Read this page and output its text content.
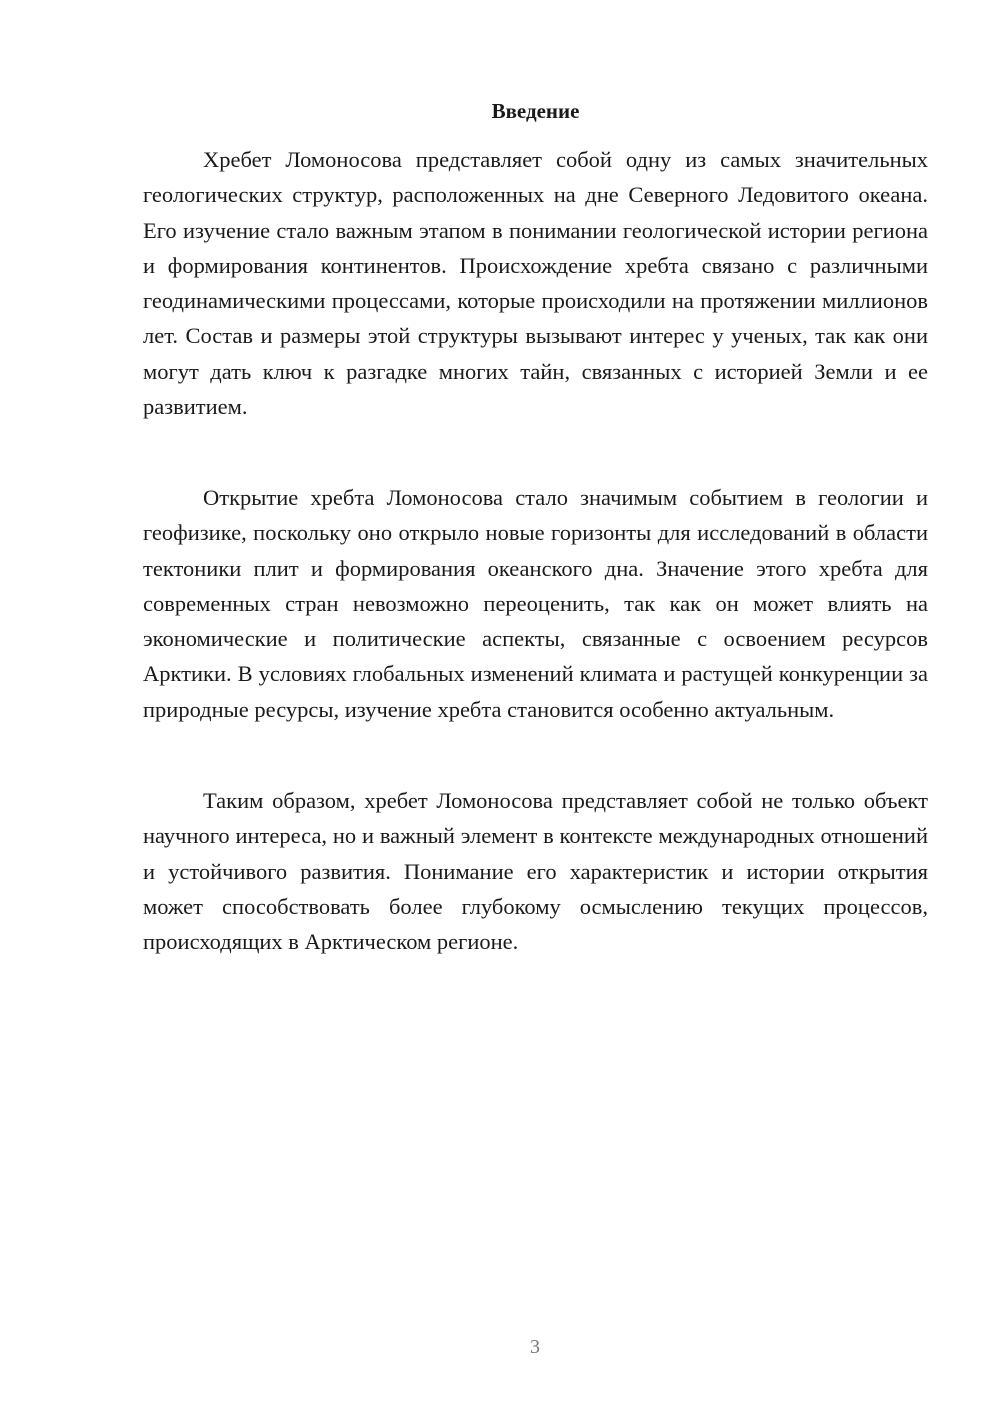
Введение

Хребет Ломоносова представляет собой одну из самых значительных геологических структур, расположенных на дне Северного Ледовитого океана. Его изучение стало важным этапом в понимании геологической истории региона и формирования континентов. Происхождение хребта связано с различными геодинамическими процессами, которые происходили на протяжении миллионов лет. Состав и размеры этой структуры вызывают интерес у ученых, так как они могут дать ключ к разгадке многих тайн, связанных с историей Земли и ее развитием.

Открытие хребта Ломоносова стало значимым событием в геологии и геофизике, поскольку оно открыло новые горизонты для исследований в области тектоники плит и формирования океанского дна. Значение этого хребта для современных стран невозможно переоценить, так как он может влиять на экономические и политические аспекты, связанные с освоением ресурсов Арктики. В условиях глобальных изменений климата и растущей конкуренции за природные ресурсы, изучение хребта становится особенно актуальным.

Таким образом, хребет Ломоносова представляет собой не только объект научного интереса, но и важный элемент в контексте международных отношений и устойчивого развития. Понимание его характеристик и истории открытия может способствовать более глубокому осмыслению текущих процессов, происходящих в Арктическом регионе.

3
